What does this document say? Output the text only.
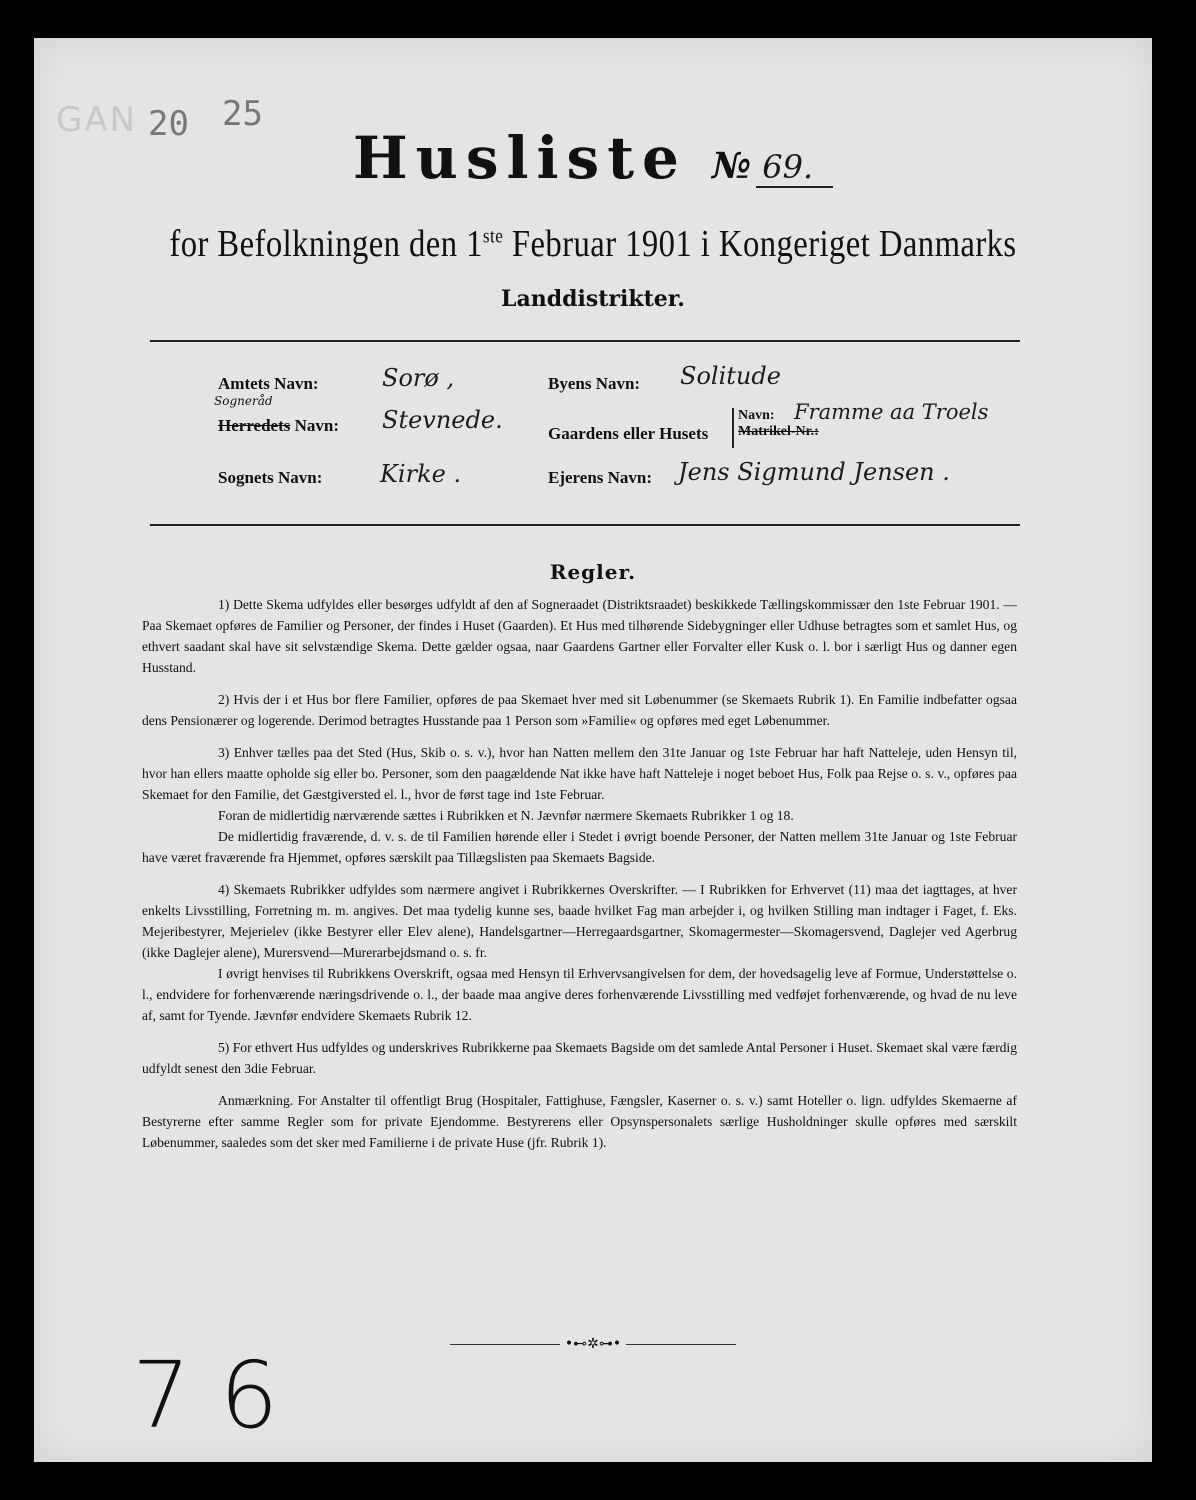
GAN 20 25
Husliste № 69.
for Befolkningen den 1ste Februar 1901 i Kongeriget Danmarks
Landdistrikter.
Amtets Navn:	Sorø ,
Sogneråd
Herredets Navn: Stevnede.
Sognets Navn: Kirke .
Byens Navn: Solitude
Gaardens eller Husets
Navn:
Matrikel-Nr.:
Framme aa Troels
Ejerens Navn: Jens Sigmund Jensen .
Regler.

1) Dette Skema udfyldes eller besørges udfyldt af den af Sogneraadet (Distriktsraadet) beskikkede Tællingskommissær den 1ste Februar 1901. — Paa Skemaet opføres de Familier og Personer, der findes i Huset (Gaarden). Et Hus med tilhørende Sidebygninger eller Udhuse betragtes som et samlet Hus, og ethvert saadant skal have sit selvstændige Skema. Dette gælder ogsaa, naar Gaardens Gartner eller Forvalter eller Kusk o. l. bor i særligt Hus og danner egen Husstand.

2) Hvis der i et Hus bor flere Familier, opføres de paa Skemaet hver med sit Løbenummer (se Skemaets Rubrik 1). En Familie indbefatter ogsaa dens Pensionærer og logerende. Derimod betragtes Husstande paa 1 Person som »Familie« og opføres med eget Løbenummer.

3) Enhver tælles paa det Sted (Hus, Skib o. s. v.), hvor han Natten mellem den 31te Januar og 1ste Februar har haft Natteleje, uden Hensyn til, hvor han ellers maatte opholde sig eller bo. Personer, som den paagældende Nat ikke have haft Natteleje i noget beboet Hus, Folk paa Rejse o. s. v., opføres paa Skemaet for den Familie, det Gæstgiversted el. l., hvor de først tage ind 1ste Februar.

Foran de midlertidig nærværende sættes i Rubrikken et N. Jævnfør nærmere Skemaets Rubrikker 1 og 18.

De midlertidig fraværende, d. v. s. de til Familien hørende eller i Stedet i øvrigt boende Personer, der Natten mellem 31te Januar og 1ste Februar have været fraværende fra Hjemmet, opføres særskilt paa Tillægslisten paa Skemaets Bagside.

4) Skemaets Rubrikker udfyldes som nærmere angivet i Rubrikkernes Overskrifter. — I Rubrikken for Erhvervet (11) maa det iagttages, at hver enkelts Livsstilling, Forretning m. m. angives. Det maa tydelig kunne ses, baade hvilket Fag man arbejder i, og hvilken Stilling man indtager i Faget, f. Eks. Mejeribestyrer, Mejerielev (ikke Bestyrer eller Elev alene), Handelsgartner—Herregaardsgartner, Skomagermester—Skomagersvend, Daglejer ved Agerbrug (ikke Daglejer alene), Murersvend—Murerarbejdsmand o. s. fr.

I øvrigt henvises til Rubrikkens Overskrift, ogsaa med Hensyn til Erhvervsangivelsen for dem, der hovedsagelig leve af Formue, Understøttelse o. l., endvidere for forhenværende næringsdrivende o. l., der baade maa angive deres forhenværende Livsstilling med vedføjet forhenværende, og hvad de nu leve af, samt for Tyende. Jævnfør endvidere Skemaets Rubrik 12.

5) For ethvert Hus udfyldes og underskrives Rubrikkerne paa Skemaets Bagside om det samlede Antal Personer i Huset. Skemaet skal være færdig udfyldt senest den 3die Februar.

Anmærkning. For Anstalter til offentligt Brug (Hospitaler, Fattighuse, Fængsler, Kaserner o. s. v.) samt Hoteller o. lign. udfyldes Skemaerne af Bestyrerne efter samme Regler som for private Ejendomme. Bestyrerens eller Opsynspersonalets særlige Husholdninger skulle opføres med særskilt Løbenummer, saaledes som det sker med Familierne i de private Huse (jfr. Rubrik 1).

•⊷✲⊶•
7 6
